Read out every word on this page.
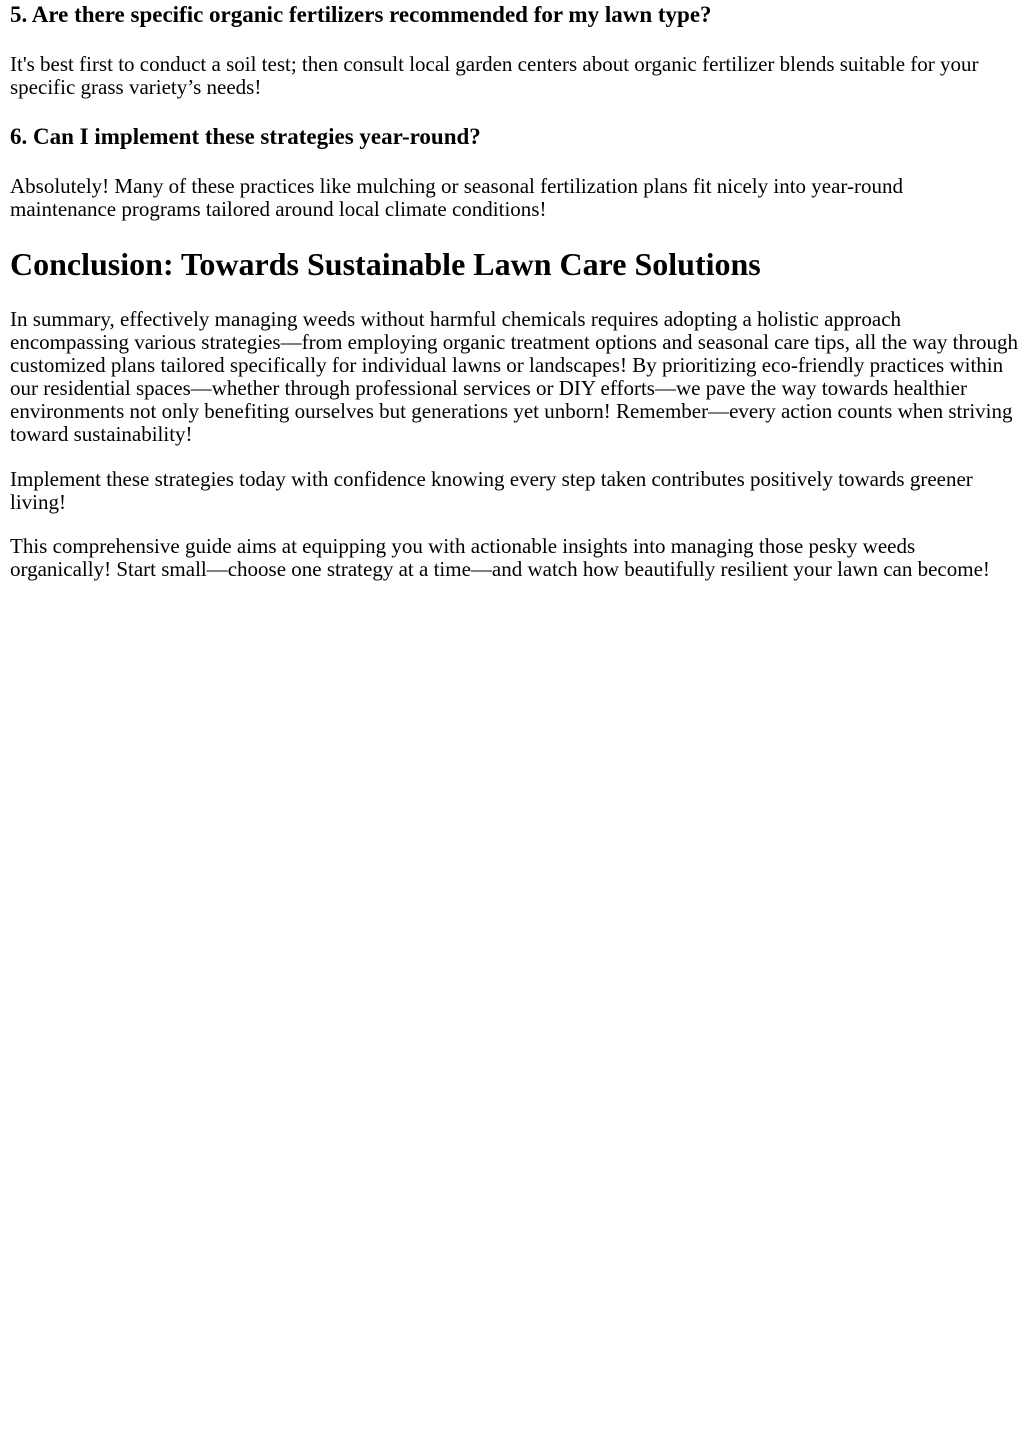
5. Are there specific organic fertilizers recommended for my lawn type?

It's best first to conduct a soil test; then consult local garden centers about organic fertilizer blends suitable for your specific grass variety’s needs!

6. Can I implement these strategies year-round?

Absolutely! Many of these practices like mulching or seasonal fertilization plans fit nicely into year-round maintenance programs tailored around local climate conditions!

Conclusion: Towards Sustainable Lawn Care Solutions

In summary, effectively managing weeds without harmful chemicals requires adopting a holistic approach encompassing various strategies—from employing organic treatment options and seasonal care tips, all the way through customized plans tailored specifically for individual lawns or landscapes! By prioritizing eco-friendly practices within our residential spaces—whether through professional services or DIY efforts—we pave the way towards healthier environments not only benefiting ourselves but generations yet unborn! Remember—every action counts when striving toward sustainability!

Implement these strategies today with confidence knowing every step taken contributes positively towards greener living!

This comprehensive guide aims at equipping you with actionable insights into managing those pesky weeds organically! Start small—choose one strategy at a time—and watch how beautifully resilient your lawn can become!
